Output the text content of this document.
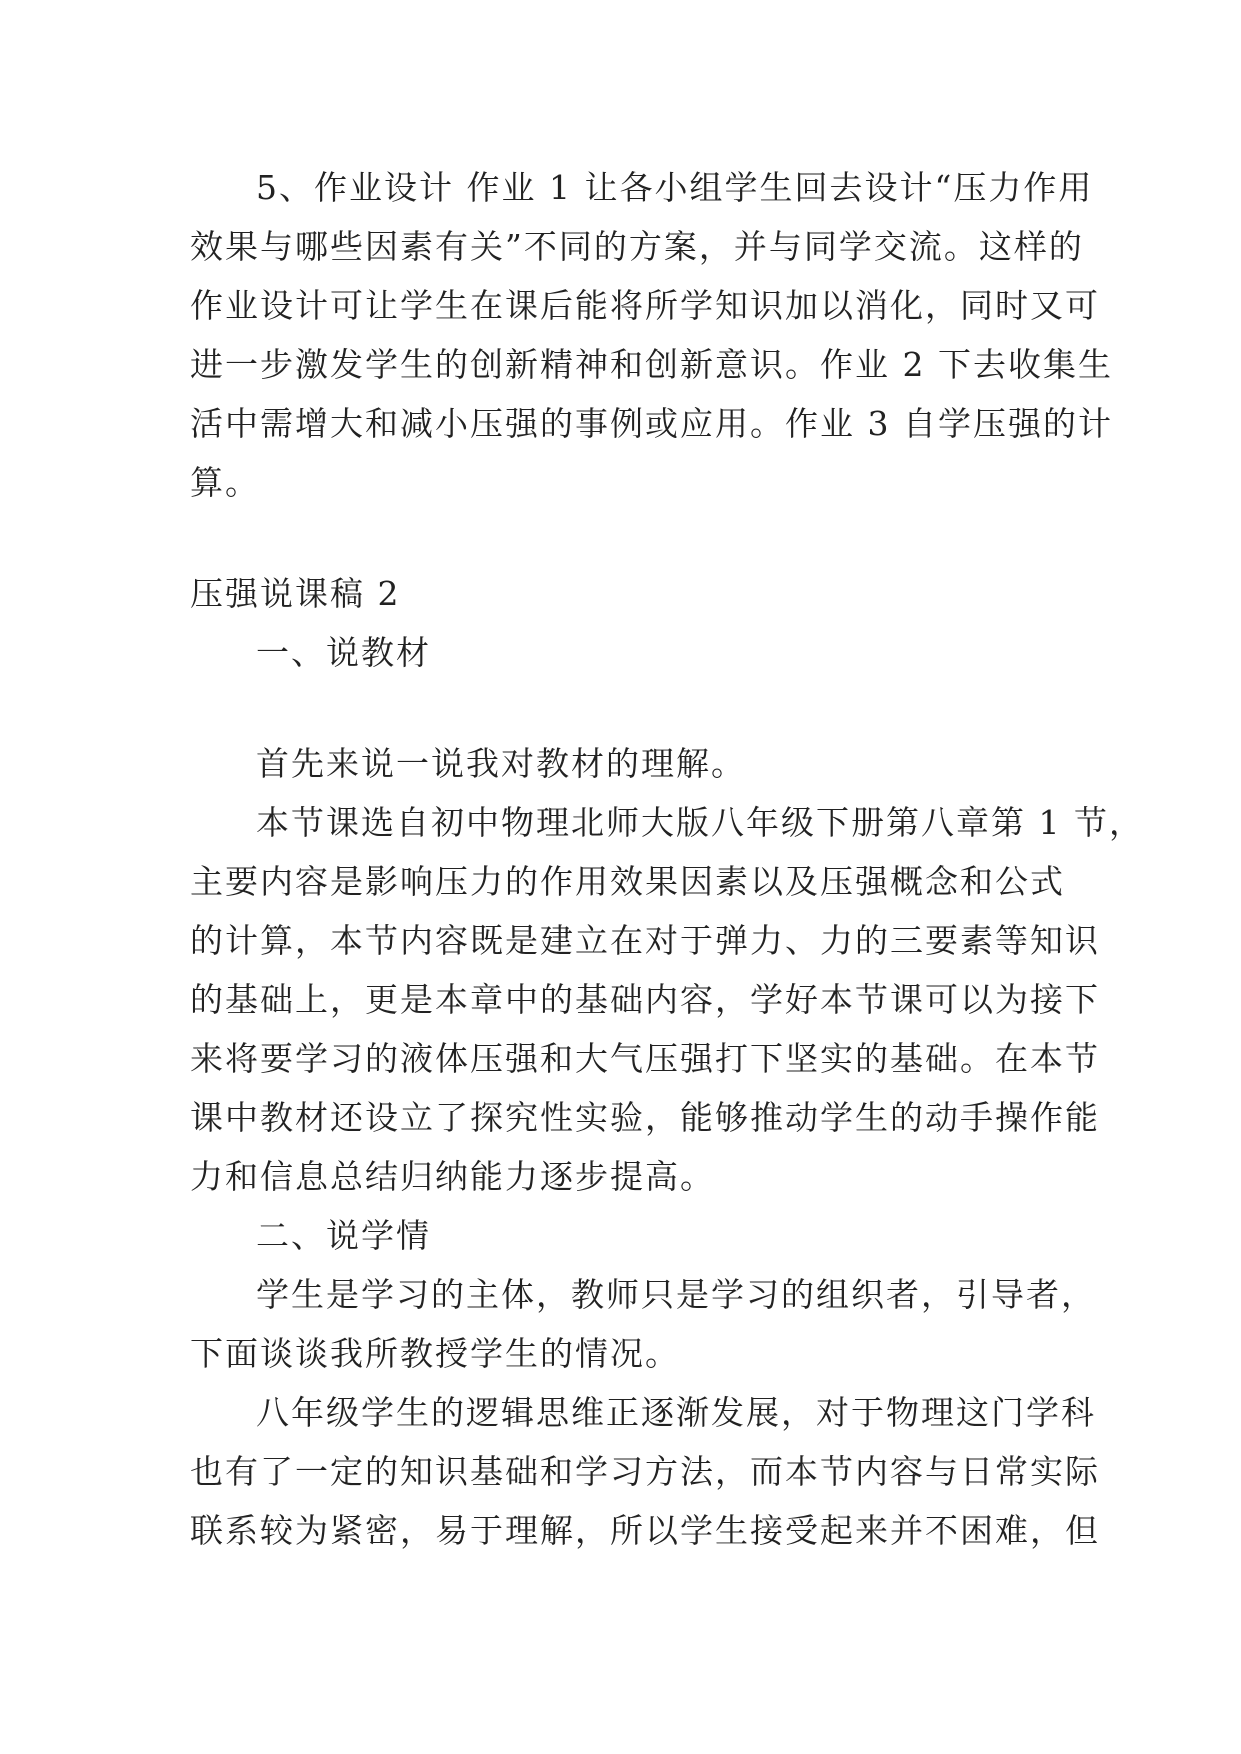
5、作业设计 作业 1 让各小组学生回去设计“压力作用
效果与哪些因素有关”不同的方案，并与同学交流。这样的
作业设计可让学生在课后能将所学知识加以消化，同时又可
进一步激发学生的创新精神和创新意识。作业 2 下去收集生
活中需增大和减小压强的事例或应用。作业 3 自学压强的计
算。
压强说课稿 2
一、说教材
首先来说一说我对教材的理解。
本节课选自初中物理北师大版八年级下册第八章第 1 节，
主要内容是影响压力的作用效果因素以及压强概念和公式
的计算，本节内容既是建立在对于弹力、力的三要素等知识
的基础上，更是本章中的基础内容，学好本节课可以为接下
来将要学习的液体压强和大气压强打下坚实的基础。在本节
课中教材还设立了探究性实验，能够推动学生的动手操作能
力和信息总结归纳能力逐步提高。
二、说学情
学生是学习的主体，教师只是学习的组织者，引导者，
下面谈谈我所教授学生的情况。
八年级学生的逻辑思维正逐渐发展，对于物理这门学科
也有了一定的知识基础和学习方法，而本节内容与日常实际
联系较为紧密，易于理解，所以学生接受起来并不困难，但
